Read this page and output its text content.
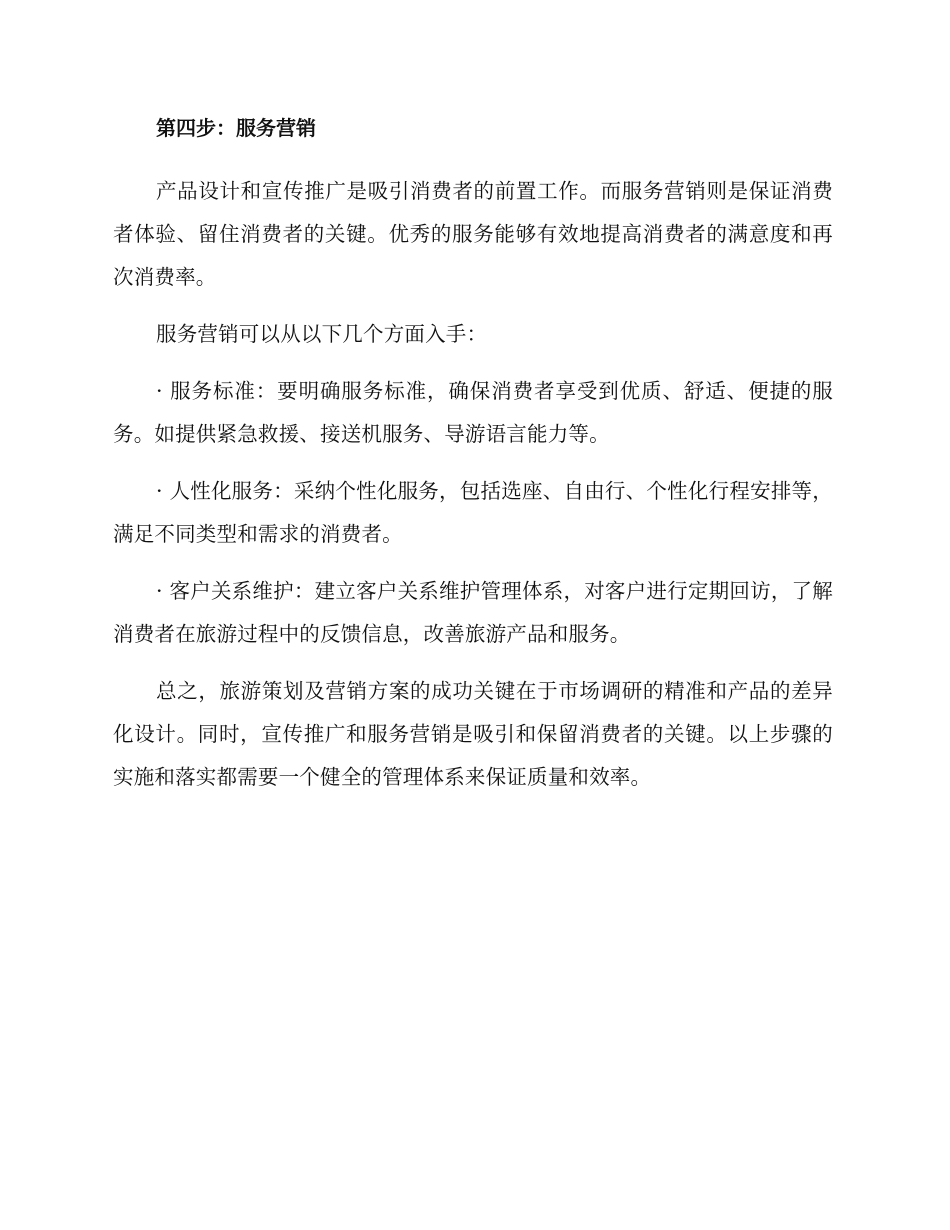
第四步：服务营销

产品设计和宣传推广是吸引消费者的前置工作。而服务营销则是保证消费者体验、留住消费者的关键。优秀的服务能够有效地提高消费者的满意度和再次消费率。

服务营销可以从以下几个方面入手：

· 服务标准：要明确服务标准，确保消费者享受到优质、舒适、便捷的服务。如提供紧急救援、接送机服务、导游语言能力等。

· 人性化服务：采纳个性化服务，包括选座、自由行、个性化行程安排等，满足不同类型和需求的消费者。

· 客户关系维护：建立客户关系维护管理体系，对客户进行定期回访，了解消费者在旅游过程中的反馈信息，改善旅游产品和服务。

总之，旅游策划及营销方案的成功关键在于市场调研的精准和产品的差异化设计。同时，宣传推广和服务营销是吸引和保留消费者的关键。以上步骤的实施和落实都需要一个健全的管理体系来保证质量和效率。
